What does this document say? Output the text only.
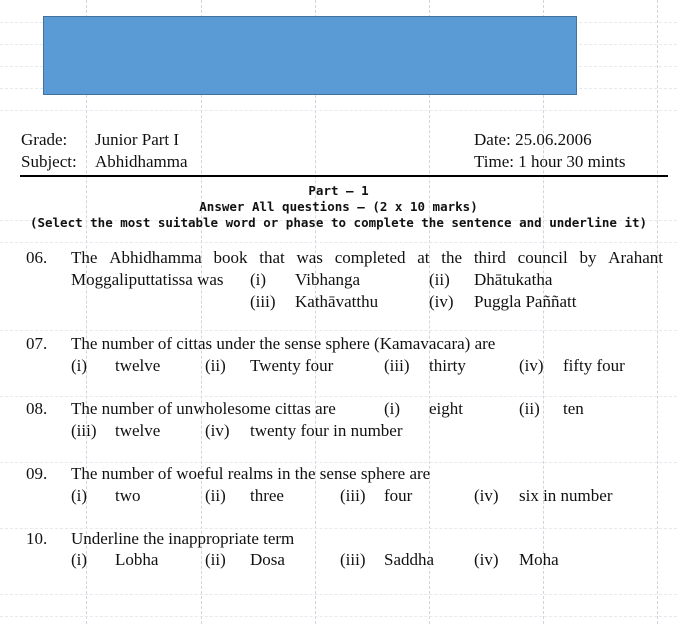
Grade: Junior Part I
Subject: Abhidhamma
Date: 25.06.2006
Time: 1 hour 30 mints
Part – 1
Answer All questions – (2 x 10 marks)
(Select the most suitable word or phase to complete the sentence and underline it)
06. The Abhidhamma book that was completed at the third council by Arahant
Moggaliputtatissa was (i) Vibhanga	(ii) Dhātukatha
(iii) Kathāvatthu	(iv) Puggla Paññatt
07. The number of cittas under the sense sphere (Kamavacara) are
(i) twelve	(ii) Twenty four	(iii) thirty	(iv) fifty four
08. The number of unwholesome cittas are	(i) eight	(ii) ten
(iii) twelve	(iv) twenty four in number
09. The number of woeful realms in the sense sphere are
(i) two	(ii) three	(iii) four	(iv) six in number
10. Underline the inappropriate term
(i) Lobha	(ii) Dosa	(iii) Saddha (iv) Moha
